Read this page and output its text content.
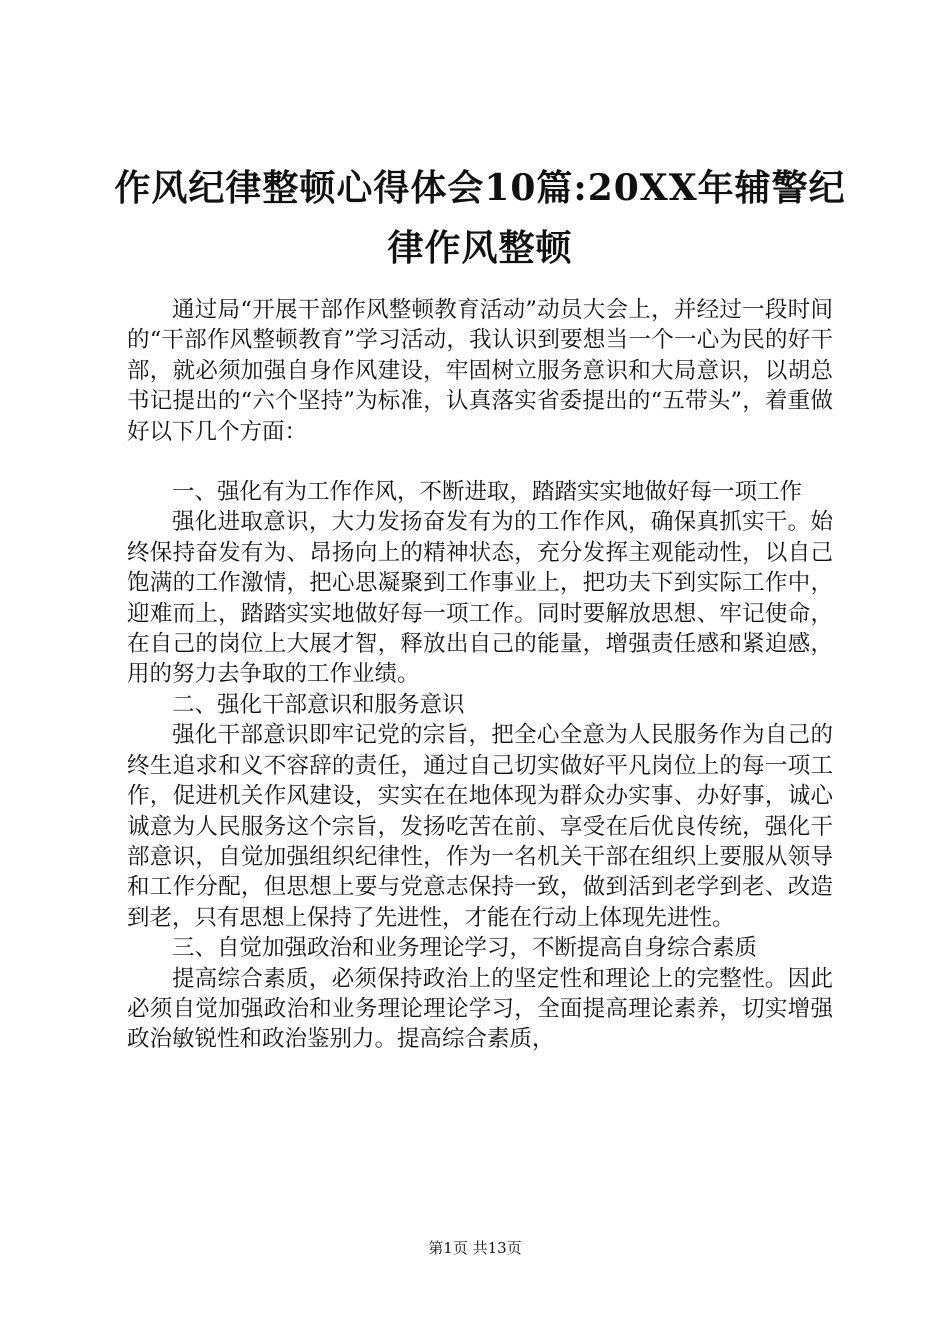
作风纪律整顿心得体会10篇:20XX年辅警纪律作风整顿

通过局“开展干部作风整顿教育活动”动员大会上，并经过一段时间的“干部作风整顿教育”学习活动，我认识到要想当一个一心为民的好干部，就必须加强自身作风建设，牢固树立服务意识和大局意识，以胡总书记提出的“六个坚持”为标准，认真落实省委提出的“五带头”，着重做好以下几个方面：

一、强化有为工作作风，不断进取，踏踏实实地做好每一项工作

强化进取意识，大力发扬奋发有为的工作作风，确保真抓实干。始终保持奋发有为、昂扬向上的精神状态，充分发挥主观能动性，以自己饱满的工作激情，把心思凝聚到工作事业上，把功夫下到实际工作中，迎难而上，踏踏实实地做好每一项工作。同时要解放思想、牢记使命，在自己的岗位上大展才智，释放出自己的能量，增强责任感和紧迫感，用的努力去争取的工作业绩。

二、强化干部意识和服务意识

强化干部意识即牢记党的宗旨，把全心全意为人民服务作为自己的终生追求和义不容辞的责任，通过自己切实做好平凡岗位上的每一项工作，促进机关作风建设，实实在在地体现为群众办实事、办好事，诚心诚意为人民服务这个宗旨，发扬吃苦在前、享受在后优良传统，强化干部意识，自觉加强组织纪律性，作为一名机关干部在组织上要服从领导和工作分配，但思想上要与党意志保持一致，做到活到老学到老、改造到老，只有思想上保持了先进性，才能在行动上体现先进性。

三、自觉加强政治和业务理论学习，不断提高自身综合素质

提高综合素质，必须保持政治上的坚定性和理论上的完整性。因此必须自觉加强政治和业务理论理论学习，全面提高理论素养，切实增强政治敏锐性和政治鉴别力。提高综合素质，

第1页 共13页
